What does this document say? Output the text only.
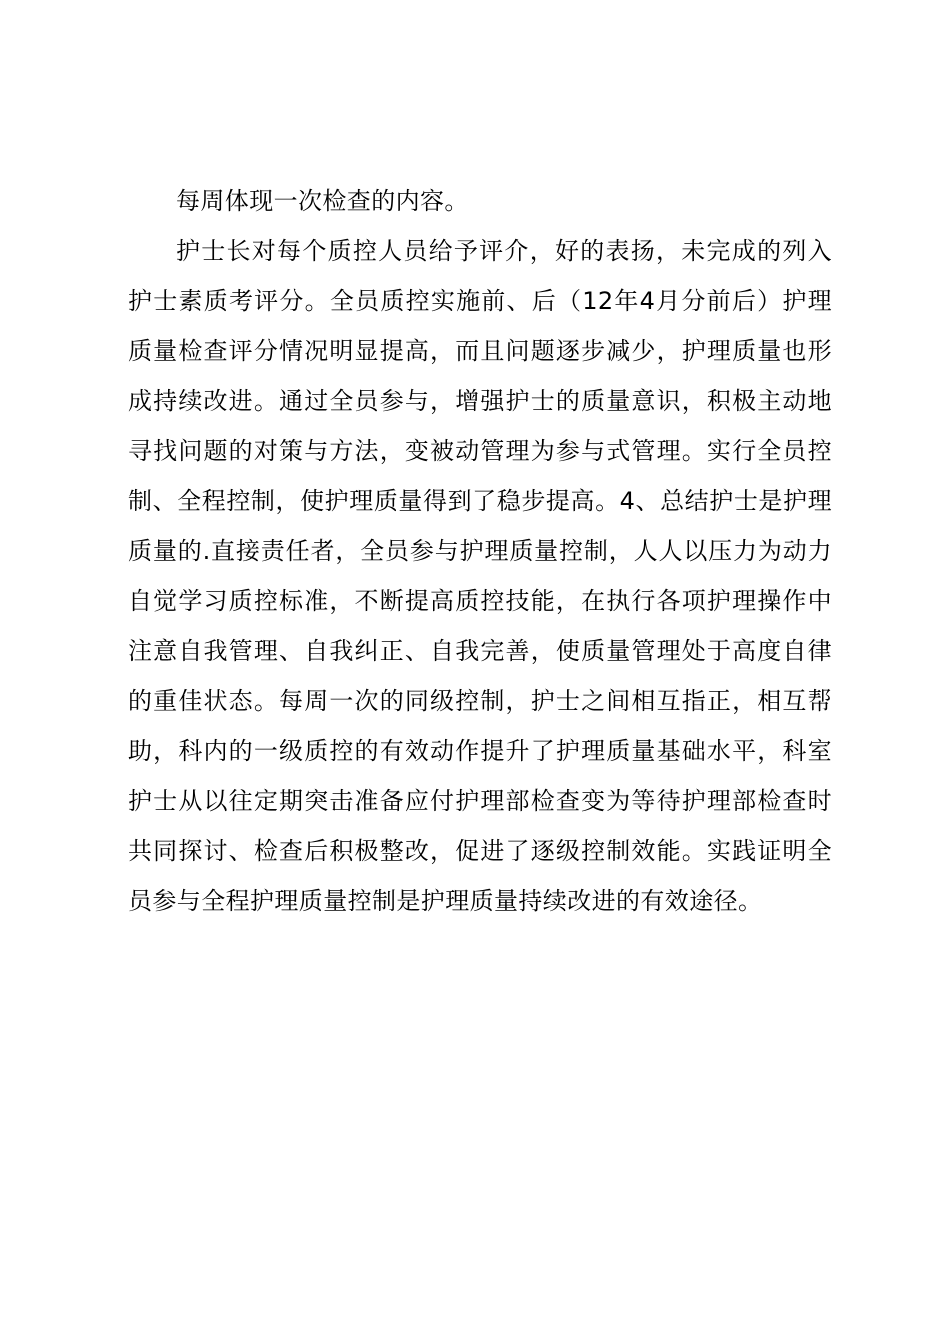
每周体现一次检查的内容。

护士长对每个质控人员给予评介，好的表扬，未完成的列入护士素质考评分。全员质控实施前、后（12年4月分前后）护理质量检查评分情况明显提高，而且问题逐步减少，护理质量也形成持续改进。通过全员参与，增强护士的质量意识，积极主动地寻找问题的对策与方法，变被动管理为参与式管理。实行全员控制、全程控制，使护理质量得到了稳步提高。4、总结护士是护理质量的.直接责任者，全员参与护理质量控制，人人以压力为动力自觉学习质控标准，不断提高质控技能，在执行各项护理操作中注意自我管理、自我纠正、自我完善，使质量管理处于高度自律的重佳状态。每周一次的同级控制，护士之间相互指正，相互帮助，科内的一级质控的有效动作提升了护理质量基础水平，科室护士从以往定期突击准备应付护理部检查变为等待护理部检查时共同探讨、检查后积极整改，促进了逐级控制效能。实践证明全员参与全程护理质量控制是护理质量持续改进的有效途径。
